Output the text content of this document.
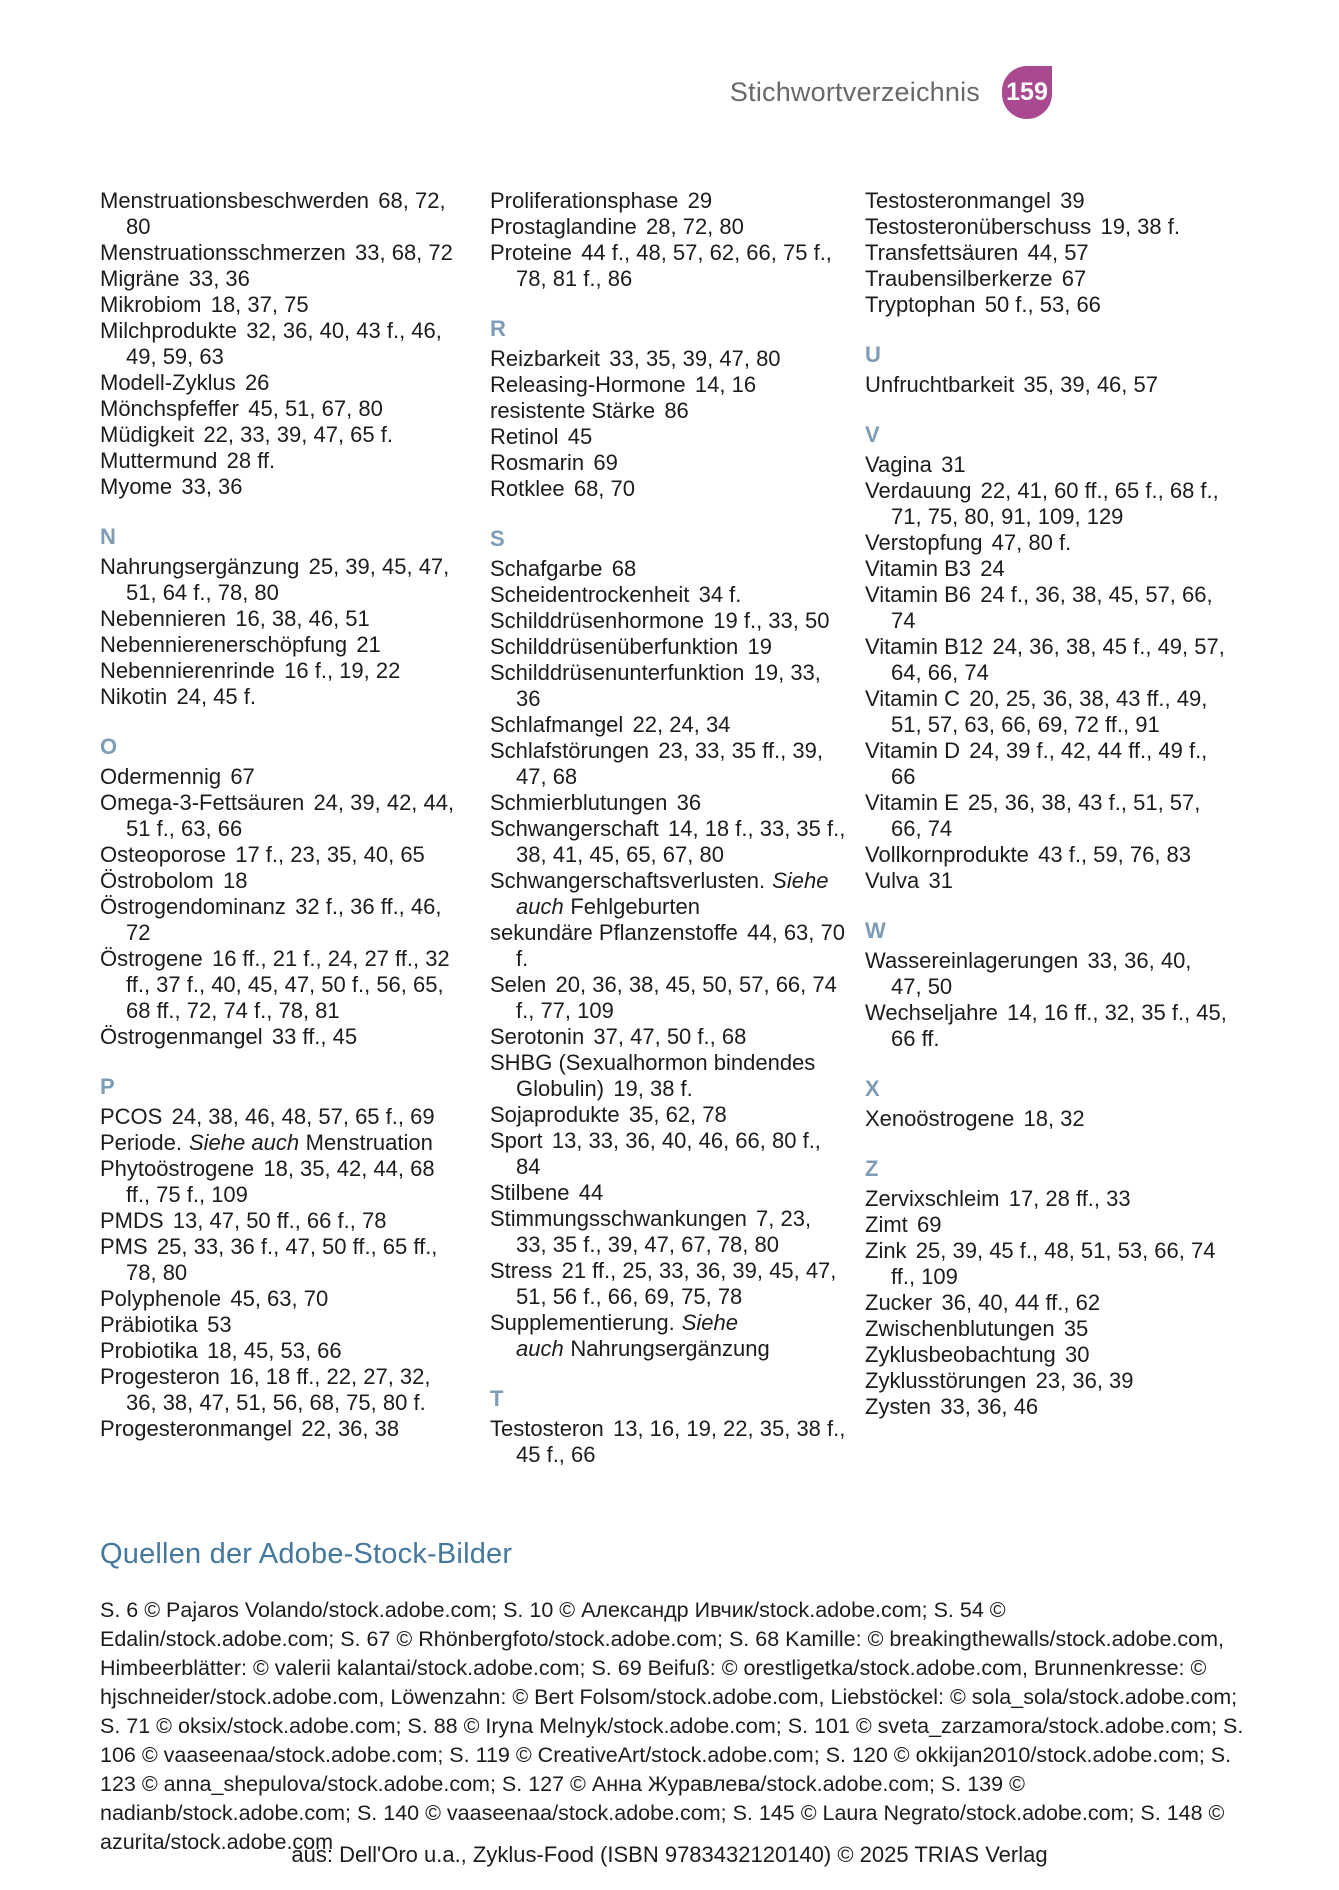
Stichwortverzeichnis 159
Menstruationsbeschwerden 68, 72, 80
Menstruationsschmerzen 33, 68, 72
Migräne 33, 36
Mikrobiom 18, 37, 75
Milchprodukte 32, 36, 40, 43 f., 46, 49, 59, 63
Modell-Zyklus 26
Mönchspfeffer 45, 51, 67, 80
Müdigkeit 22, 33, 39, 47, 65 f.
Muttermund 28 ff.
Myome 33, 36
N
Nahrungsergänzung 25, 39, 45, 47, 51, 64 f., 78, 80
Nebennieren 16, 38, 46, 51
Nebennierenerschöpfung 21
Nebennierenrinde 16 f., 19, 22
Nikotin 24, 45 f.
O
Odermennig 67
Omega-3-Fettsäuren 24, 39, 42, 44, 51 f., 63, 66
Osteoporose 17 f., 23, 35, 40, 65
Östrobolom 18
Östrogendominanz 32 f., 36 ff., 46, 72
Östrogene 16 ff., 21 f., 24, 27 ff., 32 ff., 37 f., 40, 45, 47, 50 f., 56, 65, 68 ff., 72, 74 f., 78, 81
Östrogenmangel 33 ff., 45
P
PCOS 24, 38, 46, 48, 57, 65 f., 69
Periode. Siehe auch Menstruation
Phytoöstrogene 18, 35, 42, 44, 68 ff., 75 f., 109
PMDS 13, 47, 50 ff., 66 f., 78
PMS 25, 33, 36 f., 47, 50 ff., 65 ff., 78, 80
Polyphenole 45, 63, 70
Präbiotika 53
Probiotika 18, 45, 53, 66
Progesteron 16, 18 ff., 22, 27, 32, 36, 38, 47, 51, 56, 68, 75, 80 f.
Progesteronmangel 22, 36, 38
Proliferationsphase 29
Prostaglandine 28, 72, 80
Proteine 44 f., 48, 57, 62, 66, 75 f., 78, 81 f., 86
R
Reizbarkeit 33, 35, 39, 47, 80
Releasing-Hormone 14, 16
resistente Stärke 86
Retinol 45
Rosmarin 69
Rotklee 68, 70
S
Schafgarbe 68
Scheidentrockenheit 34 f.
Schilddrüsenhormone 19 f., 33, 50
Schilddrüsenüberfunktion 19
Schilddrüsenunterfunktion 19, 33, 36
Schlafmangel 22, 24, 34
Schlafstörungen 23, 33, 35 ff., 39, 47, 68
Schmierblutungen 36
Schwangerschaft 14, 18 f., 33, 35 f., 38, 41, 45, 65, 67, 80
Schwangerschaftsverlusten. Siehe auch Fehlgeburten
sekundäre Pflanzenstoffe 44, 63, 70 f.
Selen 20, 36, 38, 45, 50, 57, 66, 74 f., 77, 109
Serotonin 37, 47, 50 f., 68
SHBG (Sexualhormon bindendes Globulin) 19, 38 f.
Sojaprodukte 35, 62, 78
Sport 13, 33, 36, 40, 46, 66, 80 f., 84
Stilbene 44
Stimmungsschwankungen 7, 23, 33, 35 f., 39, 47, 67, 78, 80
Stress 21 ff., 25, 33, 36, 39, 45, 47, 51, 56 f., 66, 69, 75, 78
Supplementierung. Siehe auch Nahrungsergänzung
T
Testosteron 13, 16, 19, 22, 35, 38 f., 45 f., 66
Testosteronmangel 39
Testosteronüberschuss 19, 38 f.
Transfettsäuren 44, 57
Traubensilberkerze 67
Tryptophan 50 f., 53, 66
U
Unfruchtbarkeit 35, 39, 46, 57
V
Vagina 31
Verdauung 22, 41, 60 ff., 65 f., 68 f., 71, 75, 80, 91, 109, 129
Verstopfung 47, 80 f.
Vitamin B3 24
Vitamin B6 24 f., 36, 38, 45, 57, 66, 74
Vitamin B12 24, 36, 38, 45 f., 49, 57, 64, 66, 74
Vitamin C 20, 25, 36, 38, 43 ff., 49, 51, 57, 63, 66, 69, 72 ff., 91
Vitamin D 24, 39 f., 42, 44 ff., 49 f., 66
Vitamin E 25, 36, 38, 43 f., 51, 57, 66, 74
Vollkornprodukte 43 f., 59, 76, 83
Vulva 31
W
Wassereinlagerungen 33, 36, 40, 47, 50
Wechseljahre 14, 16 ff., 32, 35 f., 45, 66 ff.
X
Xenoöstrogene 18, 32
Z
Zervixschleim 17, 28 ff., 33
Zimt 69
Zink 25, 39, 45 f., 48, 51, 53, 66, 74 ff., 109
Zucker 36, 40, 44 ff., 62
Zwischenblutungen 35
Zyklusbeobachtung 30
Zyklusstörungen 23, 36, 39
Zysten 33, 36, 46
Quellen der Adobe-Stock-Bilder

S. 6 © Pajaros Volando/stock.adobe.com; S. 10 © Александр Ивчик/stock.adobe.com; S. 54 © Edalin/stock.adobe.com; S. 67 © Rhönbergfoto/stock.adobe.com; S. 68 Kamille: © breakingthewalls/stock.adobe.com, Himbeerblätter: © valerii kalantai/stock.adobe.com; S. 69 Beifuß: © orestligetka/stock.adobe.com, Brunnenkresse: © hjschneider/stock.adobe.com, Löwenzahn: © Bert Folsom/stock.adobe.com, Liebstöckel: © sola_sola/stock.adobe.com; S. 71 © oksix/stock.adobe.com; S. 88 © Iryna Melnyk/stock.adobe.com; S. 101 © sveta_zarzamora/stock.adobe.com; S. 106 © vaaseenaa/stock.adobe.com; S. 119 © CreativeArt/stock.adobe.com; S. 120 © okkijan2010/stock.adobe.com; S. 123 © anna_shepulova/stock.adobe.com; S. 127 © Анна Журавлева/stock.adobe.com; S. 139 © nadianb/stock.adobe.com; S. 140 © vaaseenaa/stock.adobe.com; S. 145 © Laura Negrato/stock.adobe.com; S. 148 © azurita/stock.adobe.com

aus: Dell'Oro u.a., Zyklus-Food (ISBN 9783432120140) © 2025 TRIAS Verlag
